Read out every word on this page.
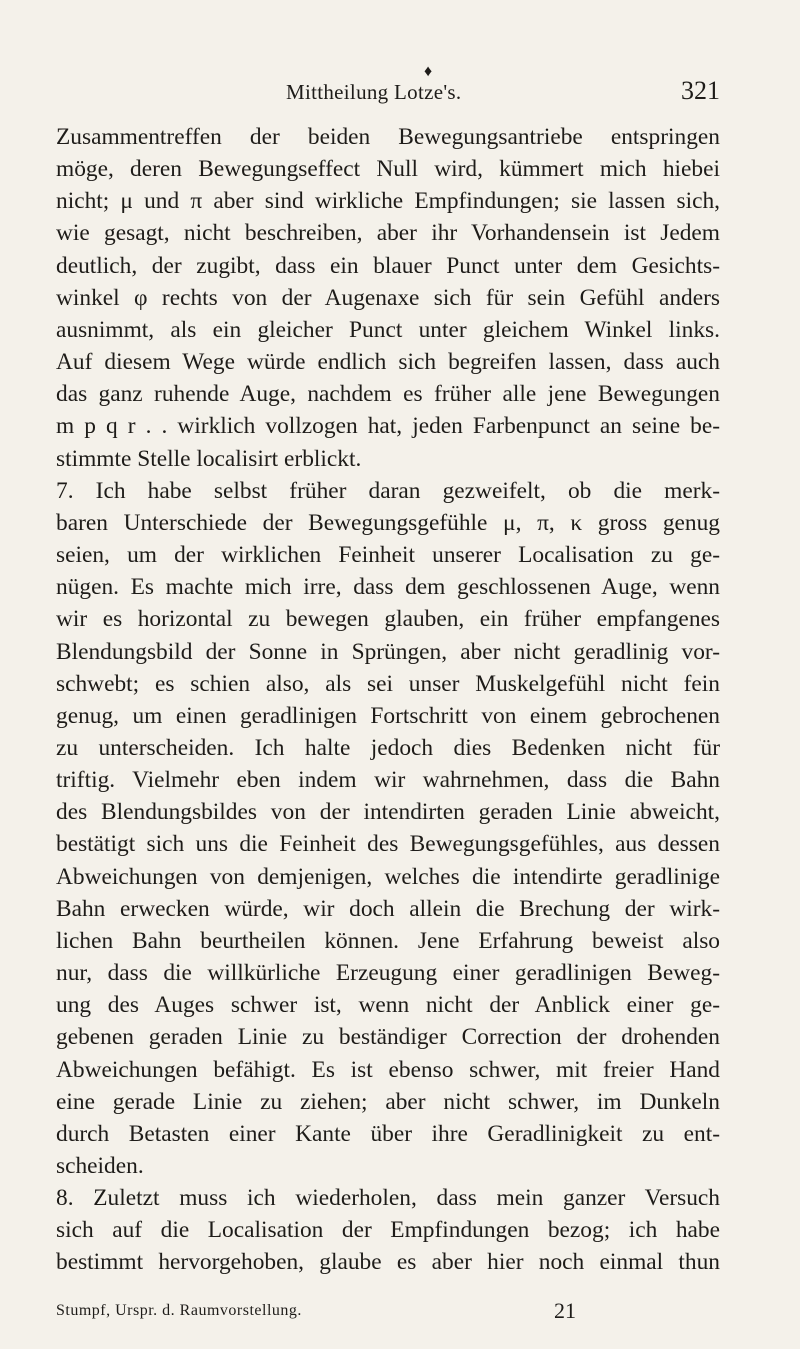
♦
Mittheilung Lotze's.	321
Zusammentreffen der beiden Bewegungsantriebe entspringen
möge, deren Bewegungseffect Null wird, kümmert mich hiebei
nicht; μ und π aber sind wirkliche Empfindungen; sie lassen sich,
wie gesagt, nicht beschreiben, aber ihr Vorhandensein ist Jedem
deutlich, der zugibt, dass ein blauer Punct unter dem Gesichts-
winkel φ rechts von der Augenaxe sich für sein Gefühl anders
ausnimmt, als ein gleicher Punct unter gleichem Winkel links.
Auf diesem Wege würde endlich sich begreifen lassen, dass auch
das ganz ruhende Auge, nachdem es früher alle jene Bewegungen
m p q r . . wirklich vollzogen hat, jeden Farbenpunct an seine be-
stimmte Stelle localisirt erblickt.
7. Ich habe selbst früher daran gezweifelt, ob die merk-
baren Unterschiede der Bewegungsgefühle μ, π, κ gross genug
seien, um der wirklichen Feinheit unserer Localisation zu ge-
nügen. Es machte mich irre, dass dem geschlossenen Auge, wenn
wir es horizontal zu bewegen glauben, ein früher empfangenes
Blendungsbild der Sonne in Sprüngen, aber nicht geradlinig vor-
schwebt; es schien also, als sei unser Muskelgefühl nicht fein
genug, um einen geradlinigen Fortschritt von einem gebrochenen
zu unterscheiden. Ich halte jedoch dies Bedenken nicht für
triftig. Vielmehr eben indem wir wahrnehmen, dass die Bahn
des Blendungsbildes von der intendirten geraden Linie abweicht,
bestätigt sich uns die Feinheit des Bewegungsgefühles, aus dessen
Abweichungen von demjenigen, welches die intendirte geradlinige
Bahn erwecken würde, wir doch allein die Brechung der wirk-
lichen Bahn beurtheilen können. Jene Erfahrung beweist also
nur, dass die willkürliche Erzeugung einer geradlinigen Beweg-
ung des Auges schwer ist, wenn nicht der Anblick einer ge-
gebenen geraden Linie zu beständiger Correction der drohenden
Abweichungen befähigt. Es ist ebenso schwer, mit freier Hand
eine gerade Linie zu ziehen; aber nicht schwer, im Dunkeln
durch Betasten einer Kante über ihre Geradlinigkeit zu ent-
scheiden.
8. Zuletzt muss ich wiederholen, dass mein ganzer Versuch
sich auf die Localisation der Empfindungen bezog; ich habe
bestimmt hervorgehoben, glaube es aber hier noch einmal thun
Stumpf, Urspr. d. Raumvorstellung.	21
